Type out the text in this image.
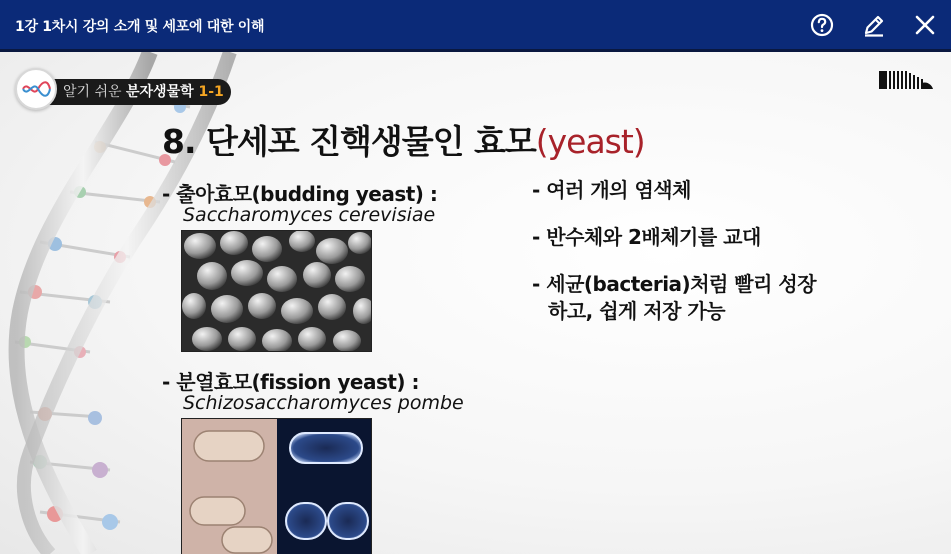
1강 1차시 강의 소개 및 세포에 대한 이해
알기 쉬운 분자생물학 1-1
8. 단세포 진핵생물인 효모(yeast)
- 출아효모(budding yeast) :
Saccharomyces cerevisiae
- 분열효모(fission yeast) :
Schizosaccharomyces pombe
- 여러 개의 염색체
- 반수체와 2배체기를 교대
- 세균(bacteria)처럼 빨리 성장
하고, 쉽게 저장 가능
